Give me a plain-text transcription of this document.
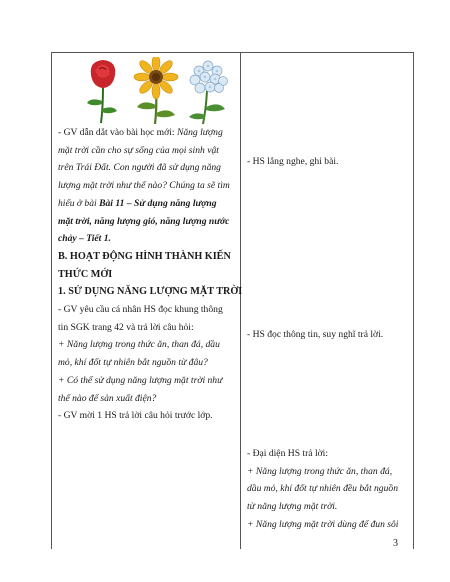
- GV dẫn dắt vào bài học mới: Năng lượng
mặt trời cần cho sự sống của mọi sinh vật
trên Trái Đất. Con người đã sử dụng năng
lượng mặt trời như thế nào? Chúng ta sẽ tìm
hiểu ở bài Bài 11 – Sử dụng năng lượng
mặt trời, năng lượng gió, năng lượng nước
chảy – Tiết 1.
B. HOẠT ĐỘNG HÌNH THÀNH KIẾN
THỨC MỚI
1. SỬ DỤNG NĂNG LƯỢNG MẶT TRỜI
- GV yêu cầu cá nhân HS đọc khung thông
tin SGK trang 42 và trả lời câu hỏi:
+ Năng lượng trong thức ăn, than đá, dầu
mỏ, khí đốt tự nhiên bắt nguồn từ đâu?
+ Có thể sử dụng năng lượng mặt trời như
thế nào để sản xuất điện?
- GV mời 1 HS trả lời câu hỏi trước lớp.
- HS lắng nghe, ghi bài.
- HS đọc thông tin, suy nghĩ trả lời.
- Đại diện HS trả lời:
+ Năng lượng trong thức ăn, than đá,
dầu mỏ, khí đốt tự nhiên đều bắt nguồn
từ năng lượng mặt trời.
+ Năng lượng mặt trời dùng để đun sôi
3
